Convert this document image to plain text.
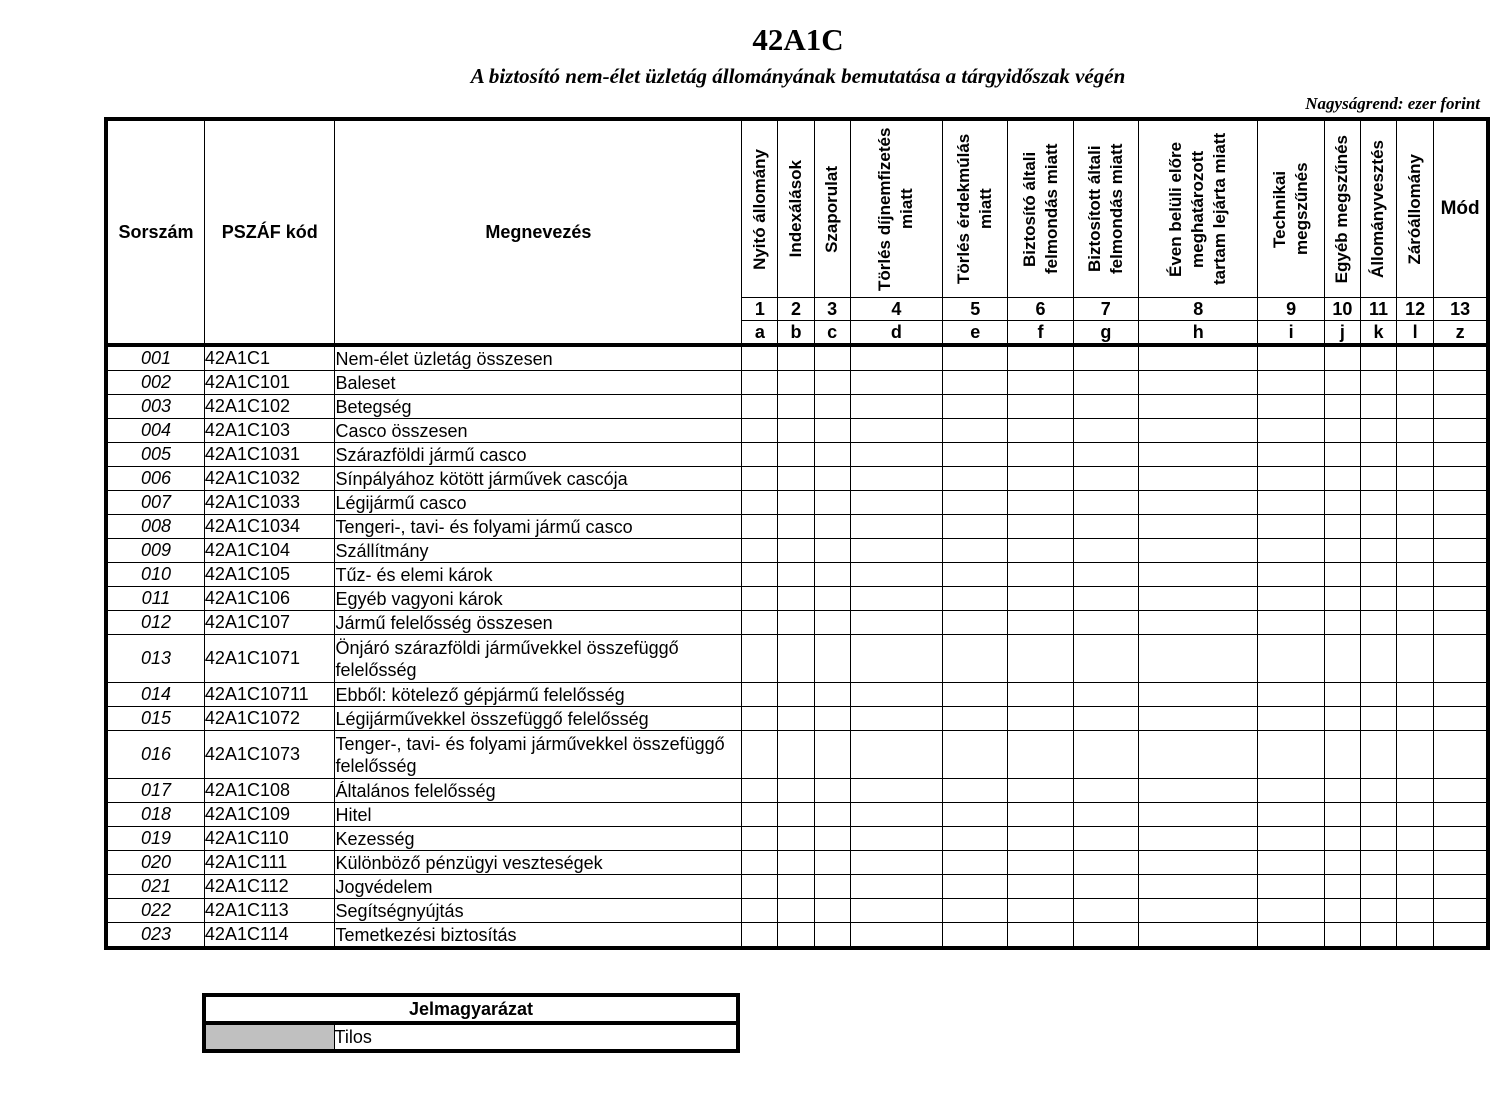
42A1C
A biztosító nem-élet üzletág állományának bemutatása a tárgyidőszak végén
Nagyságrend: ezer forint
Sorszám	PSZÁF kód	Megnevezés	Nyitó állomány	Indexálások	Szaporulat	Törlés díjnemfizetés miatt	Törlés érdekmúlás miatt	Biztosító általi felmondás miatt	Biztosított általi felmondás miatt	Éven belüli előre meghatározott tartam lejárta miatt	Technikai megszűnés	Egyéb megszűnés	Állományvesztés	Záróállomány	Mód
			1	2	3	4	5	6	7	8	9	10	11	12	13
			a	b	c	d	e	f	g	h	i	j	k	l	z
001	42A1C1	Nem-élet üzletág összesen													
002	42A1C101	Baleset													
003	42A1C102	Betegség													
004	42A1C103	Casco összesen													
005	42A1C1031	Szárazföldi jármű casco													
006	42A1C1032	Sínpályához kötött járművek cascója													
007	42A1C1033	Légijármű casco													
008	42A1C1034	Tengeri-, tavi- és folyami jármű casco													
009	42A1C104	Szállítmány													
010	42A1C105	Tűz- és elemi károk													
011	42A1C106	Egyéb vagyoni károk													
012	42A1C107	Jármű felelősség összesen													
013	42A1C1071	Önjáró szárazföldi járművekkel összefüggő felelősség													
014	42A1C10711	Ebből: kötelező gépjármű felelősség													
015	42A1C1072	Légijárművekkel összefüggő felelősség													
016	42A1C1073	Tenger-, tavi- és folyami járművekkel összefüggő felelősség													
017	42A1C108	Általános felelősség													
018	42A1C109	Hitel													
019	42A1C110	Kezesség													
020	42A1C111	Különböző pénzügyi veszteségek													
021	42A1C112	Jogvédelem													
022	42A1C113	Segítségnyújtás													
023	42A1C114	Temetkezési biztosítás													
Jelmagyarázat
	Tilos
